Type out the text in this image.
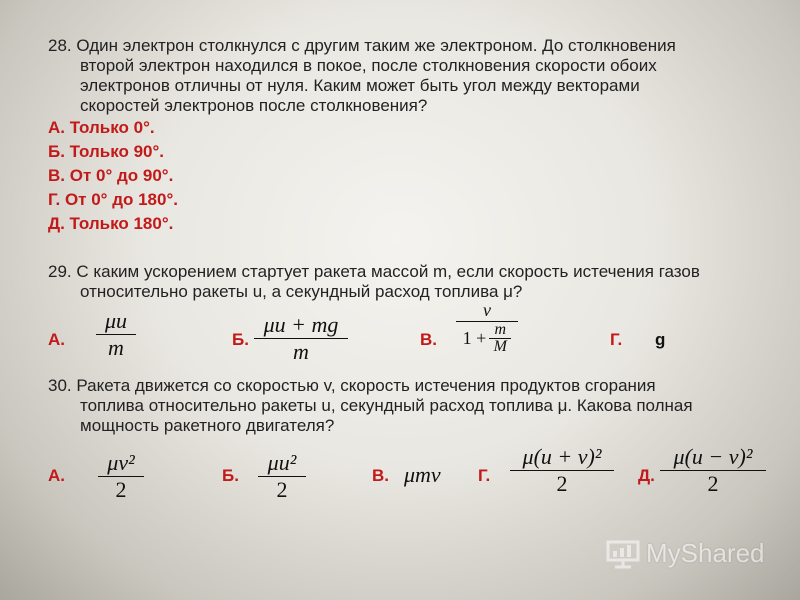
28. Один электрон столкнулся с другим таким же электроном. До столкновения
второй электрон находился в покое, после столкновения скорости обоих
электронов отличны от нуля. Каким может быть угол между векторами
скоростей электронов после столкновения?
А. Только 0°.
Б. Только 90°.
В. От 0° до 90°.
Г. От 0° до 180°.
Д. Только 180°.
29. С каким ускорением стартует ракета массой m, если скорость истечения газов
относительно ракеты u, а секундный расход топлива μ?
А.
μu
m	Б.
μu + mg
m	В.
v
1 + m
M	Г. g
30. Ракета движется со скоростью v, скорость истечения продуктов сгорания
топлива относительно ракеты u, секундный расход топлива μ. Какова полная
мощность ракетного двигателя?
А.
μv²
2
Б.
μu²
2
В. μmv Г.
μ(u + v)²
2	Д.
μ(u − v)²
2
MyShared
